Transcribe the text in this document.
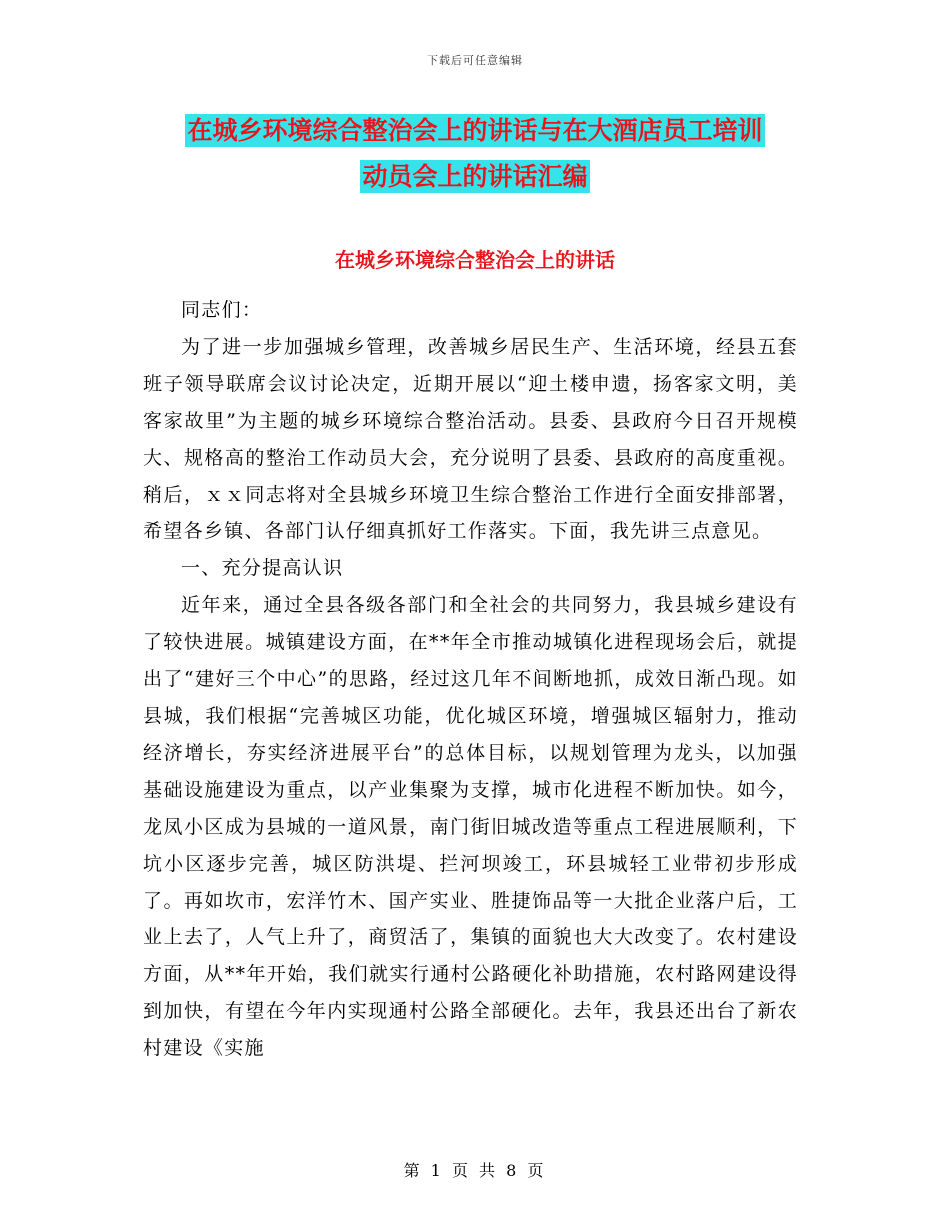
下载后可任意编辑
在城乡环境综合整治会上的讲话与在大酒店员工培训
动员会上的讲话汇编
在城乡环境综合整治会上的讲话

同志们：

为了进一步加强城乡管理，改善城乡居民生产、生活环境，经县五套班子领导联席会议讨论决定，近期开展以“迎土楼申遗，扬客家文明，美客家故里”为主题的城乡环境综合整治活动。县委、县政府今日召开规模大、规格高的整治工作动员大会，充分说明了县委、县政府的高度重视。稍后，ｘｘ同志将对全县城乡环境卫生综合整治工作进行全面安排部署，希望各乡镇、各部门认仔细真抓好工作落实。下面，我先讲三点意见。

一、充分提高认识

近年来，通过全县各级各部门和全社会的共同努力，我县城乡建设有了较快进展。城镇建设方面，在**年全市推动城镇化进程现场会后，就提出了“建好三个中心”的思路，经过这几年不间断地抓，成效日渐凸现。如县城，我们根据“完善城区功能，优化城区环境，增强城区辐射力，推动经济增长，夯实经济进展平台”的总体目标，以规划管理为龙头，以加强基础设施建设为重点，以产业集聚为支撑，城市化进程不断加快。如今，龙凤小区成为县城的一道风景，南门街旧城改造等重点工程进展顺利，下坑小区逐步完善，城区防洪堤、拦河坝竣工，环县城轻工业带初步形成了。再如坎市，宏洋竹木、国产实业、胜捷饰品等一大批企业落户后，工业上去了，人气上升了，商贸活了，集镇的面貌也大大改变了。农村建设方面，从**年开始，我们就实行通村公路硬化补助措施，农村路网建设得到加快，有望在今年内实现通村公路全部硬化。去年，我县还出台了新农村建设《实施

第 1 页 共 8 页
